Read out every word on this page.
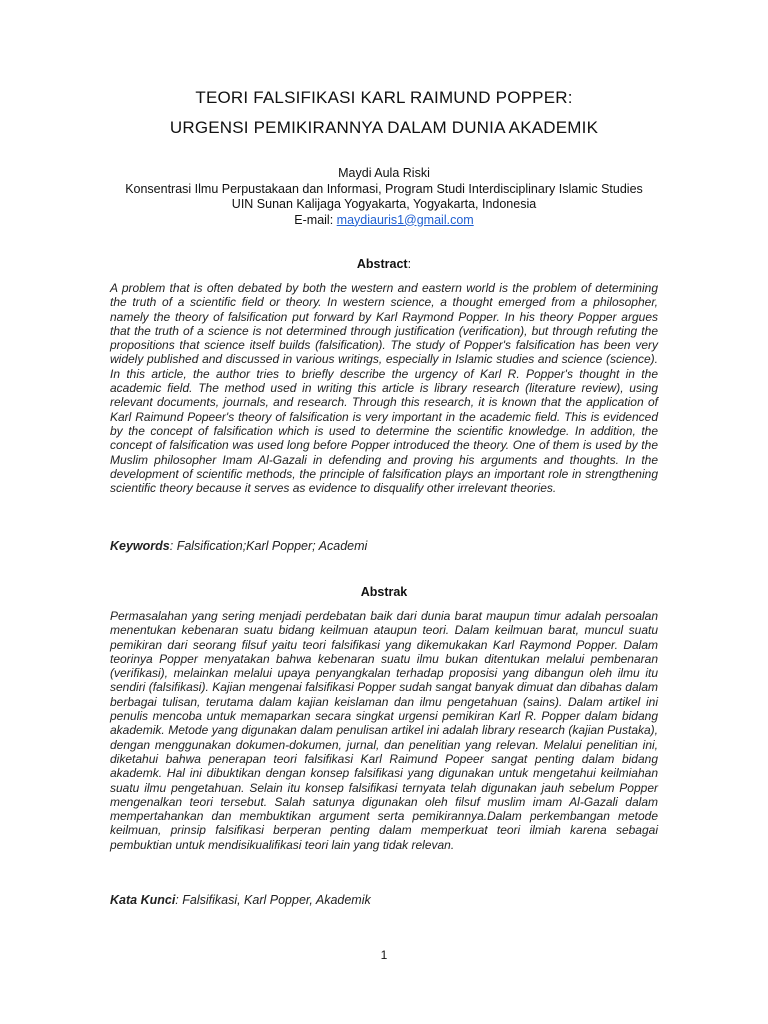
TEORI FALSIFIKASI KARL RAIMUND POPPER:
URGENSI PEMIKIRANNYA DALAM DUNIA AKADEMIK
Maydi Aula Riski
Konsentrasi Ilmu Perpustakaan dan Informasi, Program Studi Interdisciplinary Islamic Studies
UIN Sunan Kalijaga Yogyakarta, Yogyakarta, Indonesia
E-mail: maydiauris1@gmail.com
Abstract:
A problem that is often debated by both the western and eastern world is the problem of determining the truth of a scientific field or theory. In western science, a thought emerged from a philosopher, namely the theory of falsification put forward by Karl Raymond Popper. In his theory Popper argues that the truth of a science is not determined through justification (verification), but through refuting the propositions that science itself builds (falsification). The study of Popper's falsification has been very widely published and discussed in various writings, especially in Islamic studies and science (science). In this article, the author tries to briefly describe the urgency of Karl R. Popper's thought in the academic field. The method used in writing this article is library research (literature review), using relevant documents, journals, and research. Through this research, it is known that the application of Karl Raimund Popeer's theory of falsification is very important in the academic field. This is evidenced by the concept of falsification which is used to determine the scientific knowledge. In addition, the concept of falsification was used long before Popper introduced the theory. One of them is used by the Muslim philosopher Imam Al-Gazali in defending and proving his arguments and thoughts. In the development of scientific methods, the principle of falsification plays an important role in strengthening scientific theory because it serves as evidence to disqualify other irrelevant theories.
Keywords: Falsification;Karl Popper; Academi
Abstrak
Permasalahan yang sering menjadi perdebatan baik dari dunia barat maupun timur adalah persoalan menentukan kebenaran suatu bidang keilmuan ataupun teori. Dalam keilmuan barat, muncul suatu pemikiran dari seorang filsuf yaitu teori falsifikasi yang dikemukakan Karl Raymond Popper. Dalam teorinya Popper menyatakan bahwa kebenaran suatu ilmu bukan ditentukan melalui pembenaran (verifikasi), melainkan melalui upaya penyangkalan terhadap proposisi yang dibangun oleh ilmu itu sendiri (falsifikasi). Kajian mengenai falsifikasi Popper sudah sangat banyak dimuat dan dibahas dalam berbagai tulisan, terutama dalam kajian keislaman dan ilmu pengetahuan (sains). Dalam artikel ini penulis mencoba untuk memaparkan secara singkat urgensi pemikiran Karl R. Popper dalam bidang akademik. Metode yang digunakan dalam penulisan artikel ini adalah library research (kajian Pustaka), dengan menggunakan dokumen-dokumen, jurnal, dan penelitian yang relevan. Melalui penelitian ini, diketahui bahwa penerapan teori falsifikasi Karl Raimund Popeer sangat penting dalam bidang akademk. Hal ini dibuktikan dengan konsep falsifikasi yang digunakan untuk mengetahui keilmiahan suatu ilmu pengetahuan. Selain itu konsep falsifikasi ternyata telah digunakan jauh sebelum Popper mengenalkan teori tersebut. Salah satunya digunakan oleh filsuf muslim imam Al-Gazali dalam mempertahankan dan membuktikan argument serta pemikirannya.Dalam perkembangan metode keilmuan, prinsip falsifikasi berperan penting dalam memperkuat teori ilmiah karena sebagai pembuktian untuk mendisikualifikasi teori lain yang tidak relevan.
Kata Kunci: Falsifikasi, Karl Popper, Akademik
1
